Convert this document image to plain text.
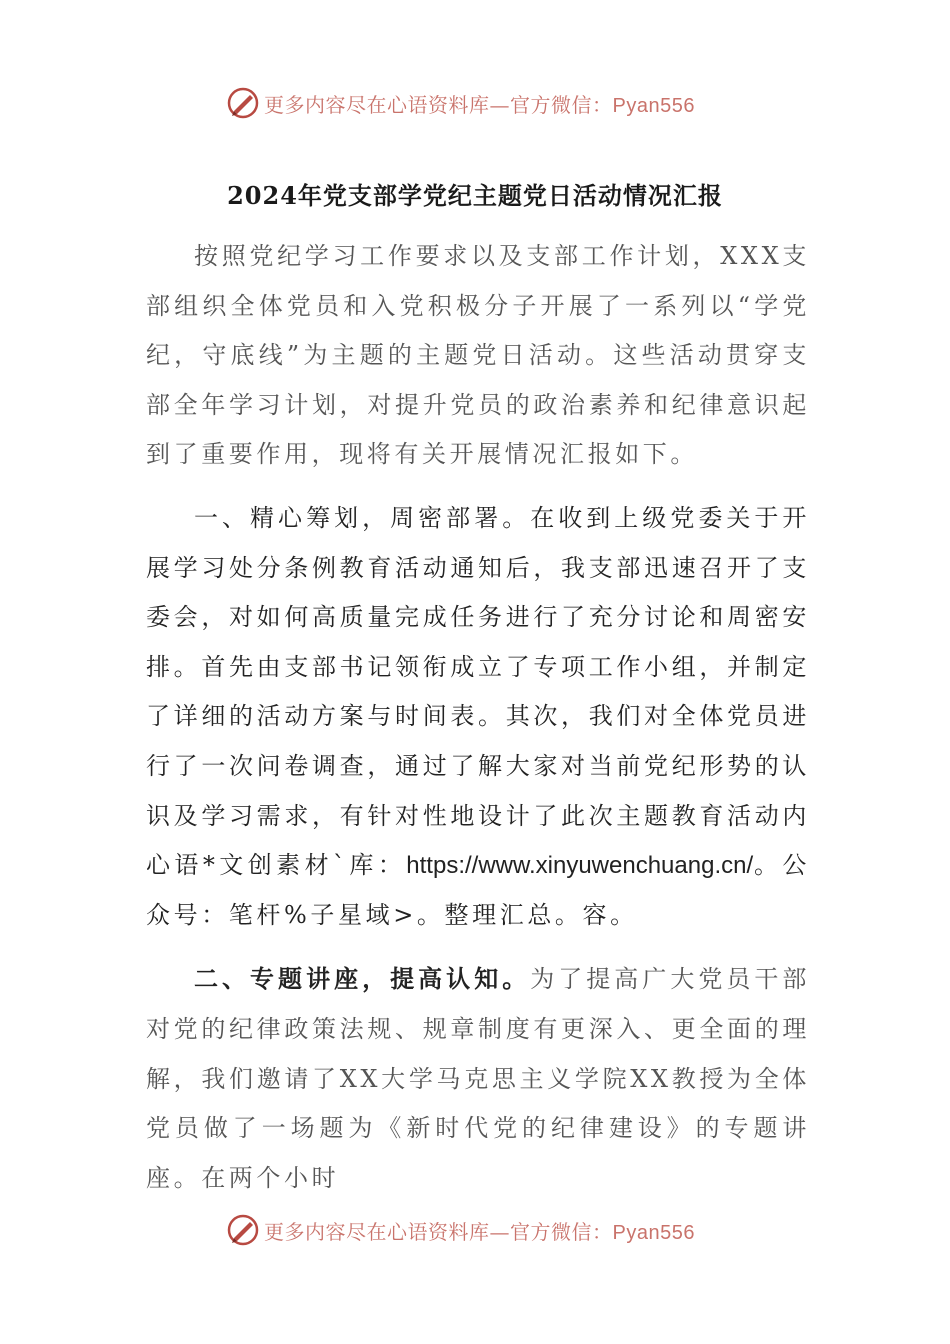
更多内容尽在心语资料库—官方微信：Pyan556
2024年党支部学党纪主题党日活动情况汇报

按照党纪学习工作要求以及支部工作计划，XXX支部组织全体党员和入党积极分子开展了一系列以“学党纪，守底线”为主题的主题党日活动。这些活动贯穿支部全年学习计划，对提升党员的政治素养和纪律意识起到了重要作用，现将有关开展情况汇报如下。

一、精心筹划，周密部署。在收到上级党委关于开展学习处分条例教育活动通知后，我支部迅速召开了支委会，对如何高质量完成任务进行了充分讨论和周密安排。首先由支部书记领衔成立了专项工作小组，并制定了详细的活动方案与时间表。其次，我们对全体党员进行了一次问卷调查，通过了解大家对当前党纪形势的认识及学习需求，有针对性地设计了此次主题教育活动内心语*文创素材`库：https://www.xinyuwenchuang.cn/。公众号：笔杆%子星域>。整理汇总。容。

二、专题讲座，提高认知。为了提高广大党员干部对党的纪律政策法规、规章制度有更深入、更全面的理解，我们邀请了XX大学马克思主义学院XX教授为全体党员做了一场题为《新时代党的纪律建设》的专题讲座。在两个小时

更多内容尽在心语资料库—官方微信：Pyan556
